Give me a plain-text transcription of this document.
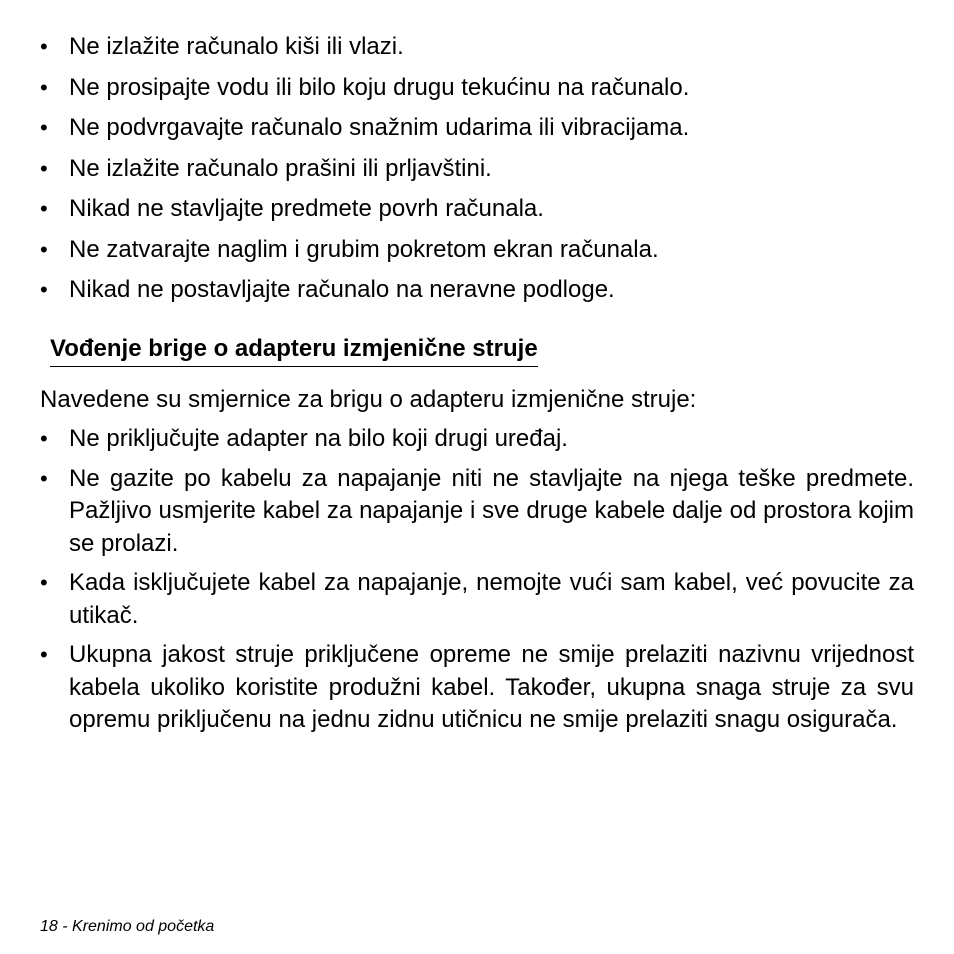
• Ne izlažite računalo kiši ili vlazi.
• Ne prosipajte vodu ili bilo koju drugu tekućinu na računalo.
• Ne podvrgavajte računalo snažnim udarima ili vibracijama.
• Ne izlažite računalo prašini ili prljavštini.
• Nikad ne stavljajte predmete povrh računala.
• Ne zatvarajte naglim i grubim pokretom ekran računala.
• Nikad ne postavljajte računalo na neravne podloge.
Vođenje brige o adapteru izmjenične struje

Navedene su smjernice za brigu o adapteru izmjenične struje:

• Ne priključujte adapter na bilo koji drugi uređaj.
• Ne gazite po kabelu za napajanje niti ne stavljajte na njega teške predmete. Pažljivo usmjerite kabel za napajanje i sve druge kabele dalje od prostora kojim se prolazi.
• Kada isključujete kabel za napajanje, nemojte vući sam kabel, već povucite za utikač.
• Ukupna jakost struje priključene opreme ne smije prelaziti nazivnu vrijednost kabela ukoliko koristite produžni kabel. Također, ukupna snaga struje za svu opremu priključenu na jednu zidnu utičnicu ne smije prelaziti snagu osigurača.

18 - Krenimo od početka
